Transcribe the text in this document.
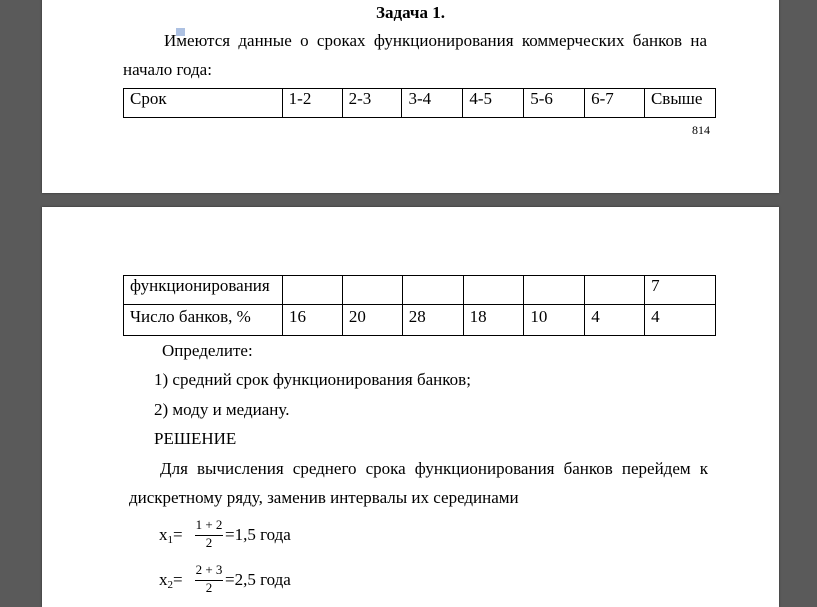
Задача 1.
Имеются данные о сроках функционирования коммерческих банков на
начало года:
Срок	1-2	2-3	3-4	4-5	5-6	6-7	Свыше
814
функционирования							7
Число банков, %	16	20	28	18	10	4	4
Определите:
1) средний срок функционирования банков;
2) моду и медиану.
РЕШЕНИЕ
Для вычисления среднего срока функционирования банков перейдем к
дискретному ряду, заменив интервалы их серединами
$x_1=$
1 + 2
2 =1,5 года
$x_2=$
2 + 3
2 =2,5 года
